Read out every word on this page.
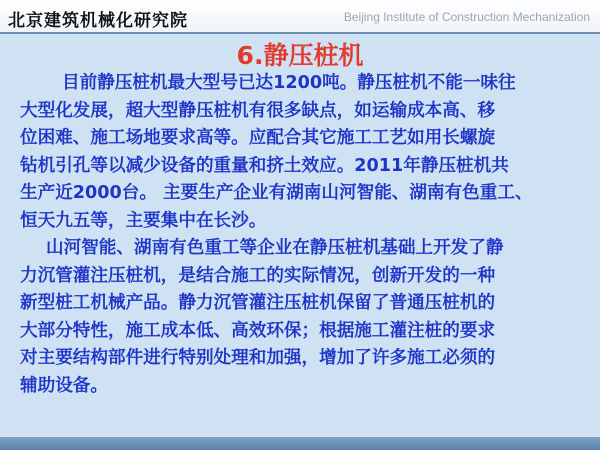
北京建筑机械化研究院	Beijing Institute of Construction Mechanization
6.静压桩机
目前静压桩机最大型号已达1200吨。静压桩机不能一味往
大型化发展，超大型静压桩机有很多缺点，如运输成本高、移
位困难、施工场地要求高等。应配合其它施工工艺如用长螺旋
钻机引孔等以减少设备的重量和挤土效应。2011年静压桩机共
生产近2000台。 主要生产企业有湖南山河智能、湖南有色重工、
恒天九五等，主要集中在长沙。
山河智能、湖南有色重工等企业在静压桩机基础上开发了静
力沉管灌注压桩机，是结合施工的实际情况，创新开发的一种
新型桩工机械产品。静力沉管灌注压桩机保留了普通压桩机的
大部分特性，施工成本低、高效环保；根据施工灌注桩的要求
对主要结构部件进行特别处理和加强，增加了许多施工必须的
辅助设备。
